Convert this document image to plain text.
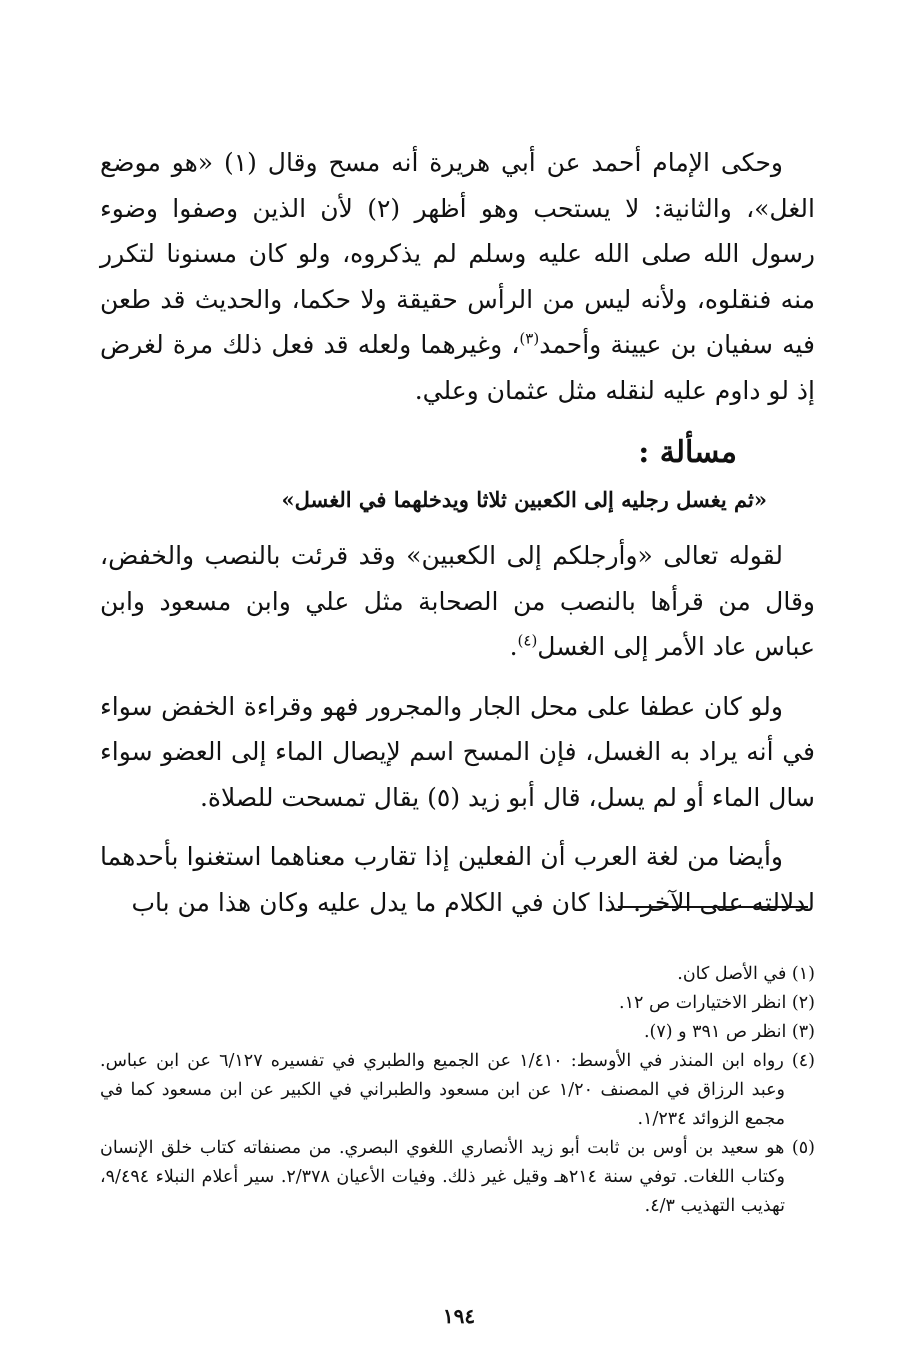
وحكى الإمام أحمد عن أبي هريرة أنه مسح وقال (١) «هو موضع الغل»، والثانية: لا يستحب وهو أظهر (٢) لأن الذين وصفوا وضوء رسول الله صلى الله عليه وسلم لم يذكروه، ولو كان مسنونا لتكرر منه فنقلوه، ولأنه ليس من الرأس حقيقة ولا حكما، والحديث قد طعن فيه سفيان بن عيينة وأحمد$^{(٣)}$، وغيرهما ولعله قد فعل ذلك مرة لغرض إذ لو داوم عليه لنقله مثل عثمان وعلي.

مسألة :
«ثم يغسل رجليه إلى الكعبين ثلاثا ويدخلهما في الغسل»

لقوله تعالى «وأرجلكم إلى الكعبين» وقد قرئت بالنصب والخفض، وقال من قرأها بالنصب من الصحابة مثل علي وابن مسعود وابن عباس عاد الأمر إلى الغسل$^{(٤)}$.

ولو كان عطفا على محل الجار والمجرور فهو وقراءة الخفض سواء في أنه يراد به الغسل، فإن المسح اسم لإيصال الماء إلى العضو سواء سال الماء أو لم يسل، قال أبو زيد (٥) يقال تمسحت للصلاة.

وأيضا من لغة العرب أن الفعلين إذا تقارب معناهما استغنوا بأحدهما لدلالته على الآخر. لذا كان في الكلام ما يدل عليه وكان هذا من باب

(١) في الأصل كان.

(٢) انظر الاختيارات ص ١٢.

(٣) انظر ص ٣٩١ و (٧).

(٤) رواه ابن المنذر في الأوسط: ١/٤١٠ عن الجميع والطبري في تفسيره ٦/١٢٧ عن ابن عباس. وعبد الرزاق في المصنف ١/٢٠ عن ابن مسعود والطبراني في الكبير عن ابن مسعود كما في مجمع الزوائد ١/٢٣٤.

(٥) هو سعيد بن أوس بن ثابت أبو زيد الأنصاري اللغوي البصري. من مصنفاته كتاب خلق الإنسان وكتاب اللغات. توفي سنة ٢١٤هـ وقيل غير ذلك. وفيات الأعيان ٢/٣٧٨. سير أعلام النبلاء ٩/٤٩٤، تهذيب التهذيب ٤/٣.

١٩٤
